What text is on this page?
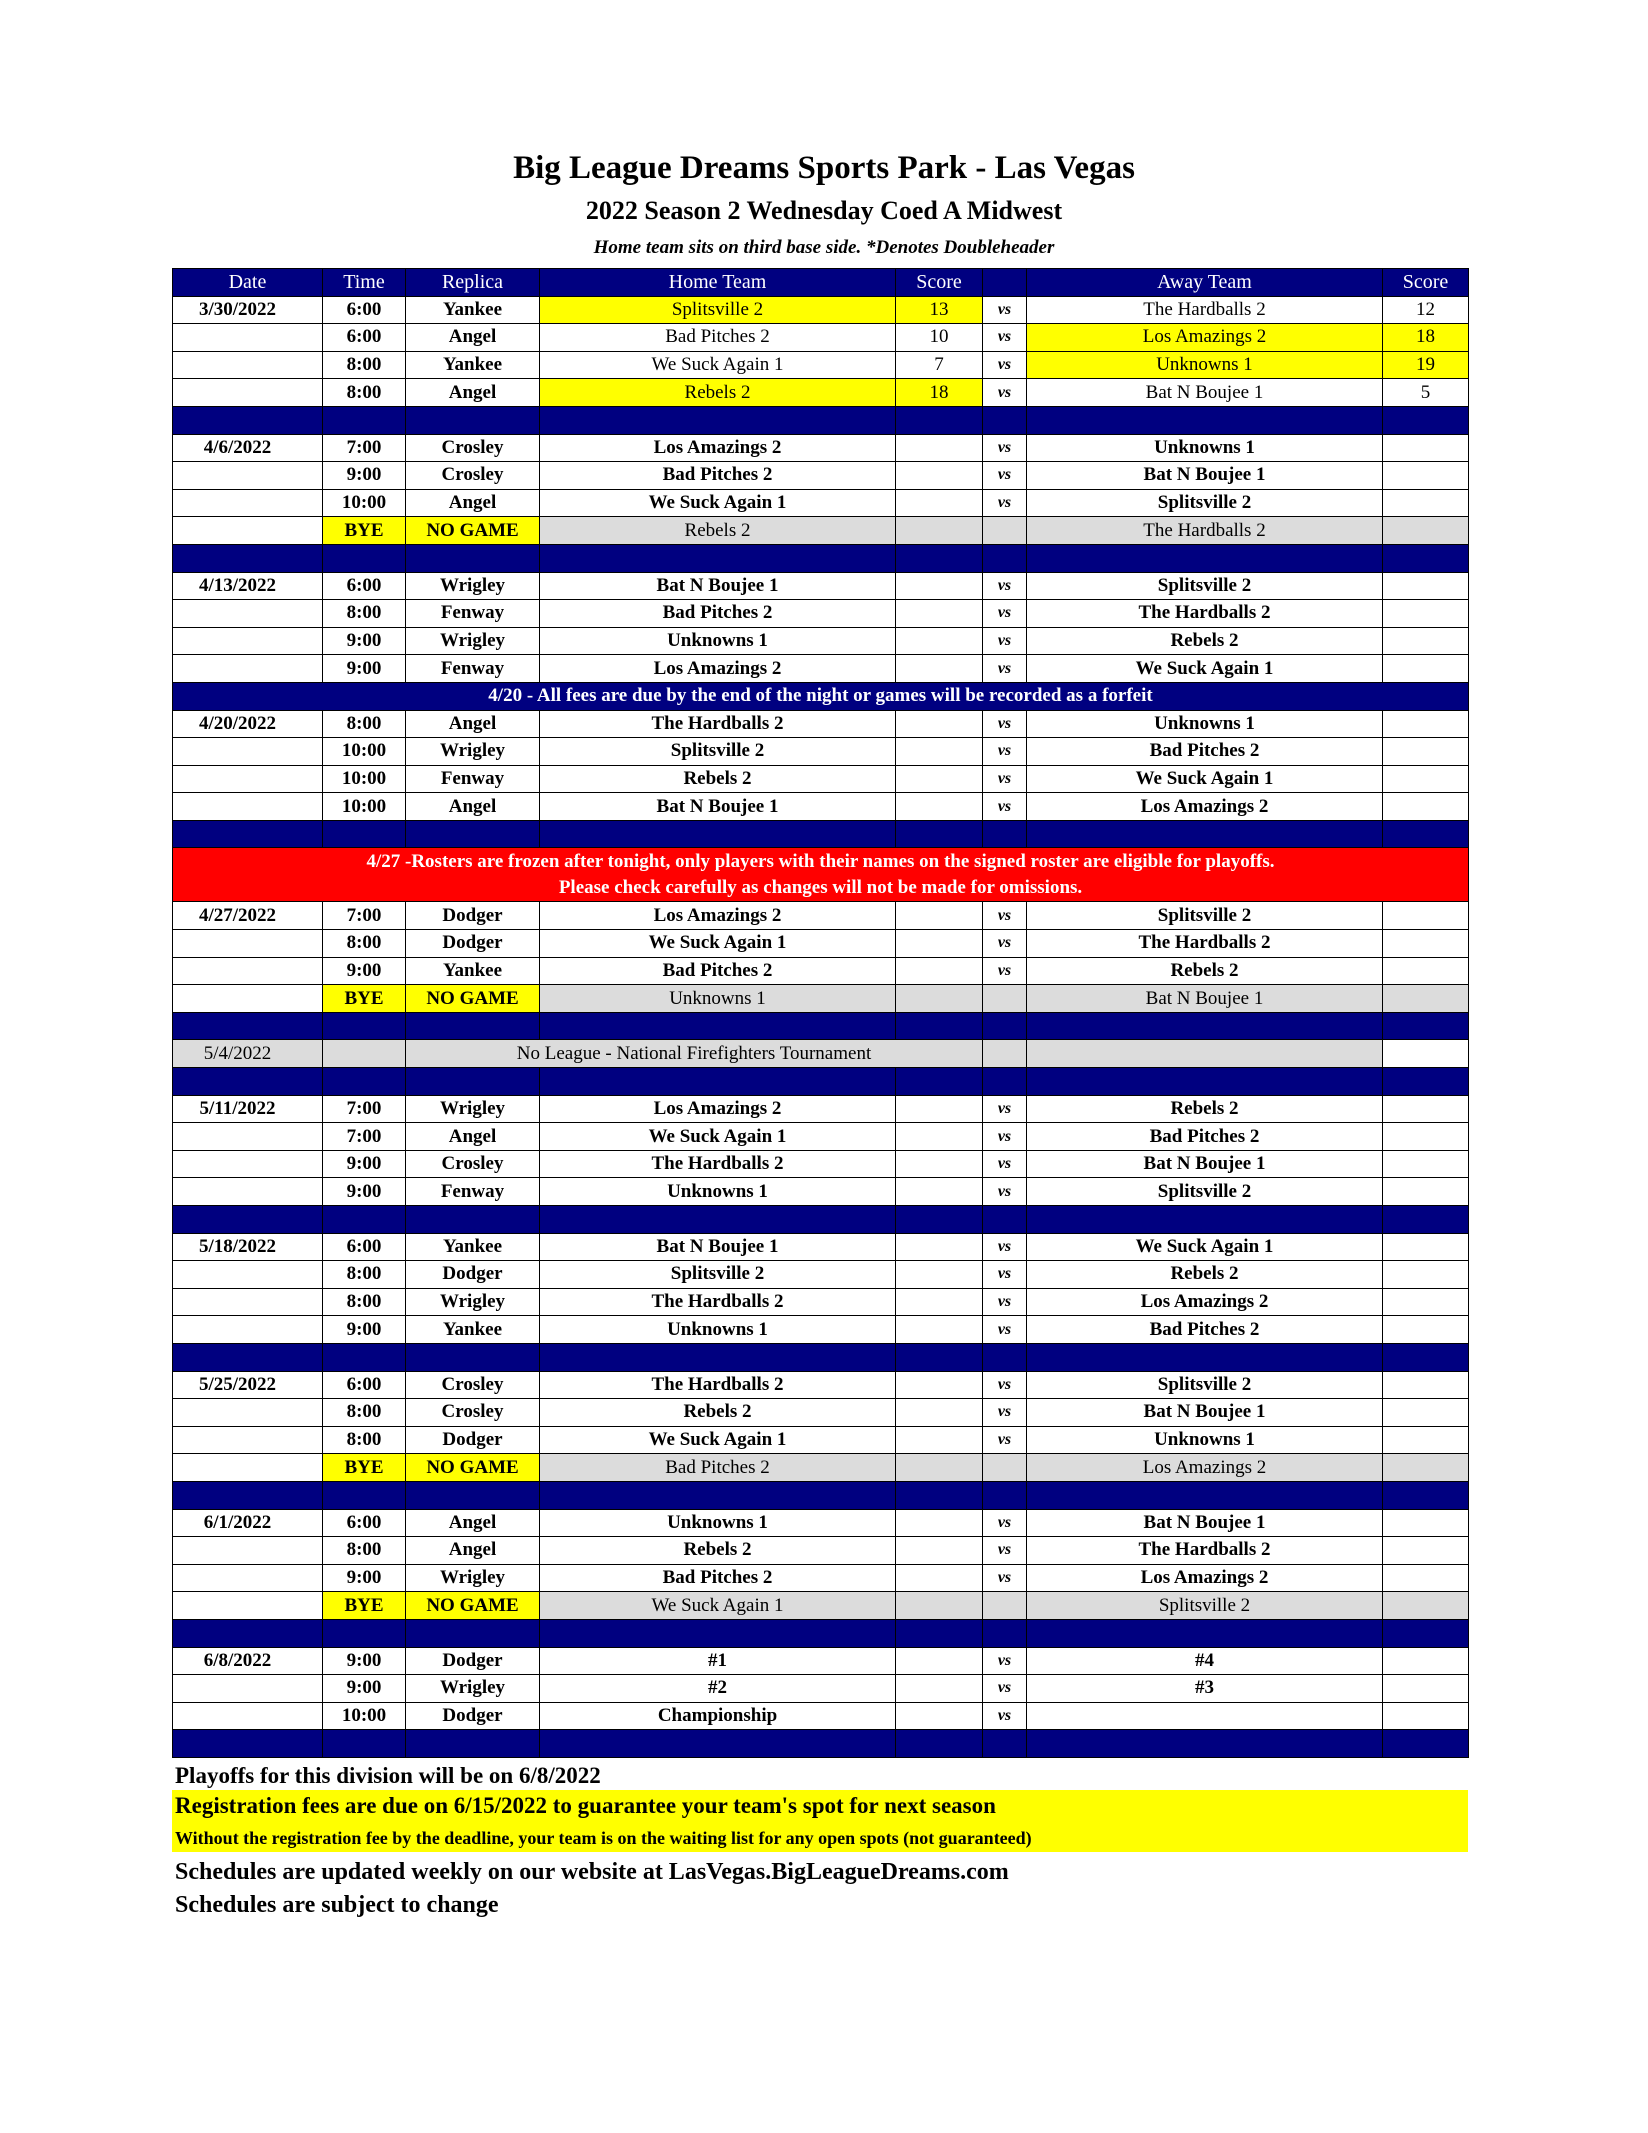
Big League Dreams Sports Park - Las Vegas
2022 Season 2 Wednesday Coed A Midwest
Home team sits on third base side. *Denotes Doubleheader
Date	Time	Replica	Home Team	Score		Away Team	Score
3/30/2022	6:00	Yankee	Splitsville 2	13	vs	The Hardballs 2	12
	6:00	Angel	Bad Pitches 2	10	vs	Los Amazings 2	18
	8:00	Yankee	We Suck Again 1	7	vs	Unknowns 1	19
	8:00	Angel	Rebels 2	18	vs	Bat N Boujee 1	5

4/6/2022	7:00	Crosley	Los Amazings 2		vs	Unknowns 1	
	9:00	Crosley	Bad Pitches 2		vs	Bat N Boujee 1	
	10:00	Angel	We Suck Again 1		vs	Splitsville 2	
	BYE	NO GAME	Rebels 2			The Hardballs 2	

4/13/2022	6:00	Wrigley	Bat N Boujee 1		vs	Splitsville 2	
	8:00	Fenway	Bad Pitches 2		vs	The Hardballs 2	
	9:00	Wrigley	Unknowns 1		vs	Rebels 2	
	9:00	Fenway	Los Amazings 2		vs	We Suck Again 1	
4/20 - All fees are due by the end of the night or games will be recorded as a forfeit							
4/20/2022	8:00	Angel	The Hardballs 2		vs	Unknowns 1	
	10:00	Wrigley	Splitsville 2		vs	Bad Pitches 2	
	10:00	Fenway	Rebels 2		vs	We Suck Again 1	
	10:00	Angel	Bat N Boujee 1		vs	Los Amazings 2	

4/27 -Rosters are frozen after tonight, only players with their names on the signed roster are eligible for playoffs.
Please check carefully as changes will not be made for omissions.							

4/27/2022	7:00	Dodger	Los Amazings 2		vs	Splitsville 2	
	8:00	Dodger	We Suck Again 1		vs	The Hardballs 2	
	9:00	Yankee	Bad Pitches 2		vs	Rebels 2	
	BYE	NO GAME	Unknowns 1			Bat N Boujee 1	

5/4/2022		No League - National Firefighters Tournament					

5/11/2022	7:00	Wrigley	Los Amazings 2		vs	Rebels 2	
	7:00	Angel	We Suck Again 1		vs	Bad Pitches 2	
	9:00	Crosley	The Hardballs 2		vs	Bat N Boujee 1	
	9:00	Fenway	Unknowns 1		vs	Splitsville 2	

5/18/2022	6:00	Yankee	Bat N Boujee 1		vs	We Suck Again 1	
	8:00	Dodger	Splitsville 2		vs	Rebels 2	
	8:00	Wrigley	The Hardballs 2		vs	Los Amazings 2	
	9:00	Yankee	Unknowns 1		vs	Bad Pitches 2	

5/25/2022	6:00	Crosley	The Hardballs 2		vs	Splitsville 2	
	8:00	Crosley	Rebels 2		vs	Bat N Boujee 1	
	8:00	Dodger	We Suck Again 1		vs	Unknowns 1	
	BYE	NO GAME	Bad Pitches 2			Los Amazings 2	

6/1/2022	6:00	Angel	Unknowns 1		vs	Bat N Boujee 1	
	8:00	Angel	Rebels 2		vs	The Hardballs 2	
	9:00	Wrigley	Bad Pitches 2		vs	Los Amazings 2	
	BYE	NO GAME	We Suck Again 1			Splitsville 2	

6/8/2022	9:00	Dodger	#1		vs	#4	
	9:00	Wrigley	#2		vs	#3	
	10:00	Dodger	Championship		vs		

Playoffs for this division will be on 6/8/2022
Registration fees are due on 6/15/2022 to guarantee your team's spot for next season
Without the registration fee by the deadline, your team is on the waiting list for any open spots (not guaranteed)
Schedules are updated weekly on our website at LasVegas.BigLeagueDreams.com
Schedules are subject to change
